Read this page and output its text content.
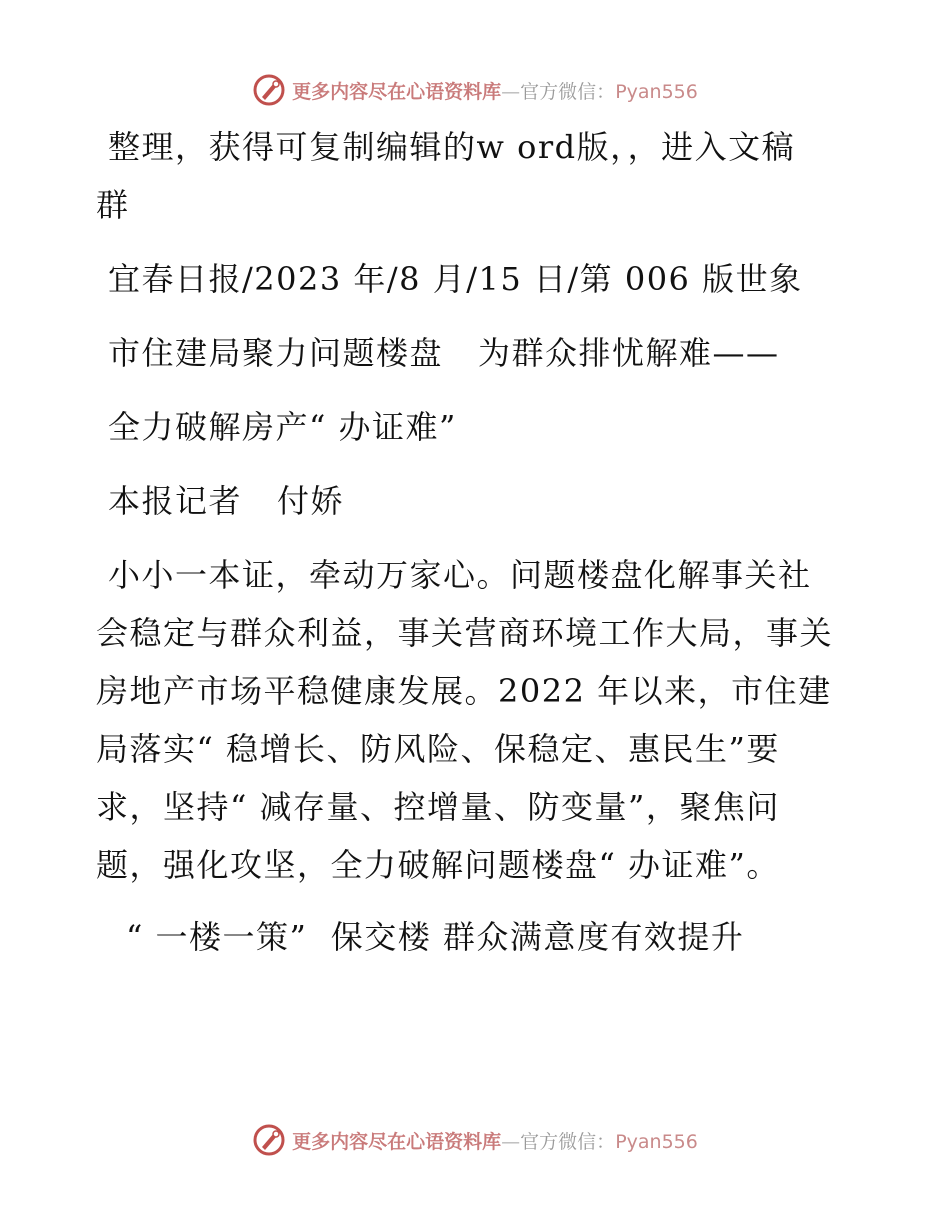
更多内容尽在心语资料库—官方微信：Pyan556

整理，获得可复制编辑的w ord版，，进入文稿

群

宜春日报/2023 年/8 月/15 日/第 006 版世象

市住建局聚力问题楼盘   为群众排忧解难——

全力破解房产“ 办证难”

本报记者   付娇

小小一本证，牵动万家心。问题楼盘化解事关社

会稳定与群众利益，事关营商环境工作大局，事关

房地产市场平稳健康发展。2022 年以来，市住建

局落实“ 稳增长、防风险、保稳定、惠民生”要

求，坚持“ 减存量、控增量、防变量”，聚焦问

题，强化攻坚，全力破解问题楼盘“ 办证难”。

“ 一楼一策”  保交楼 群众满意度有效提升

更多内容尽在心语资料库—官方微信：Pyan556
